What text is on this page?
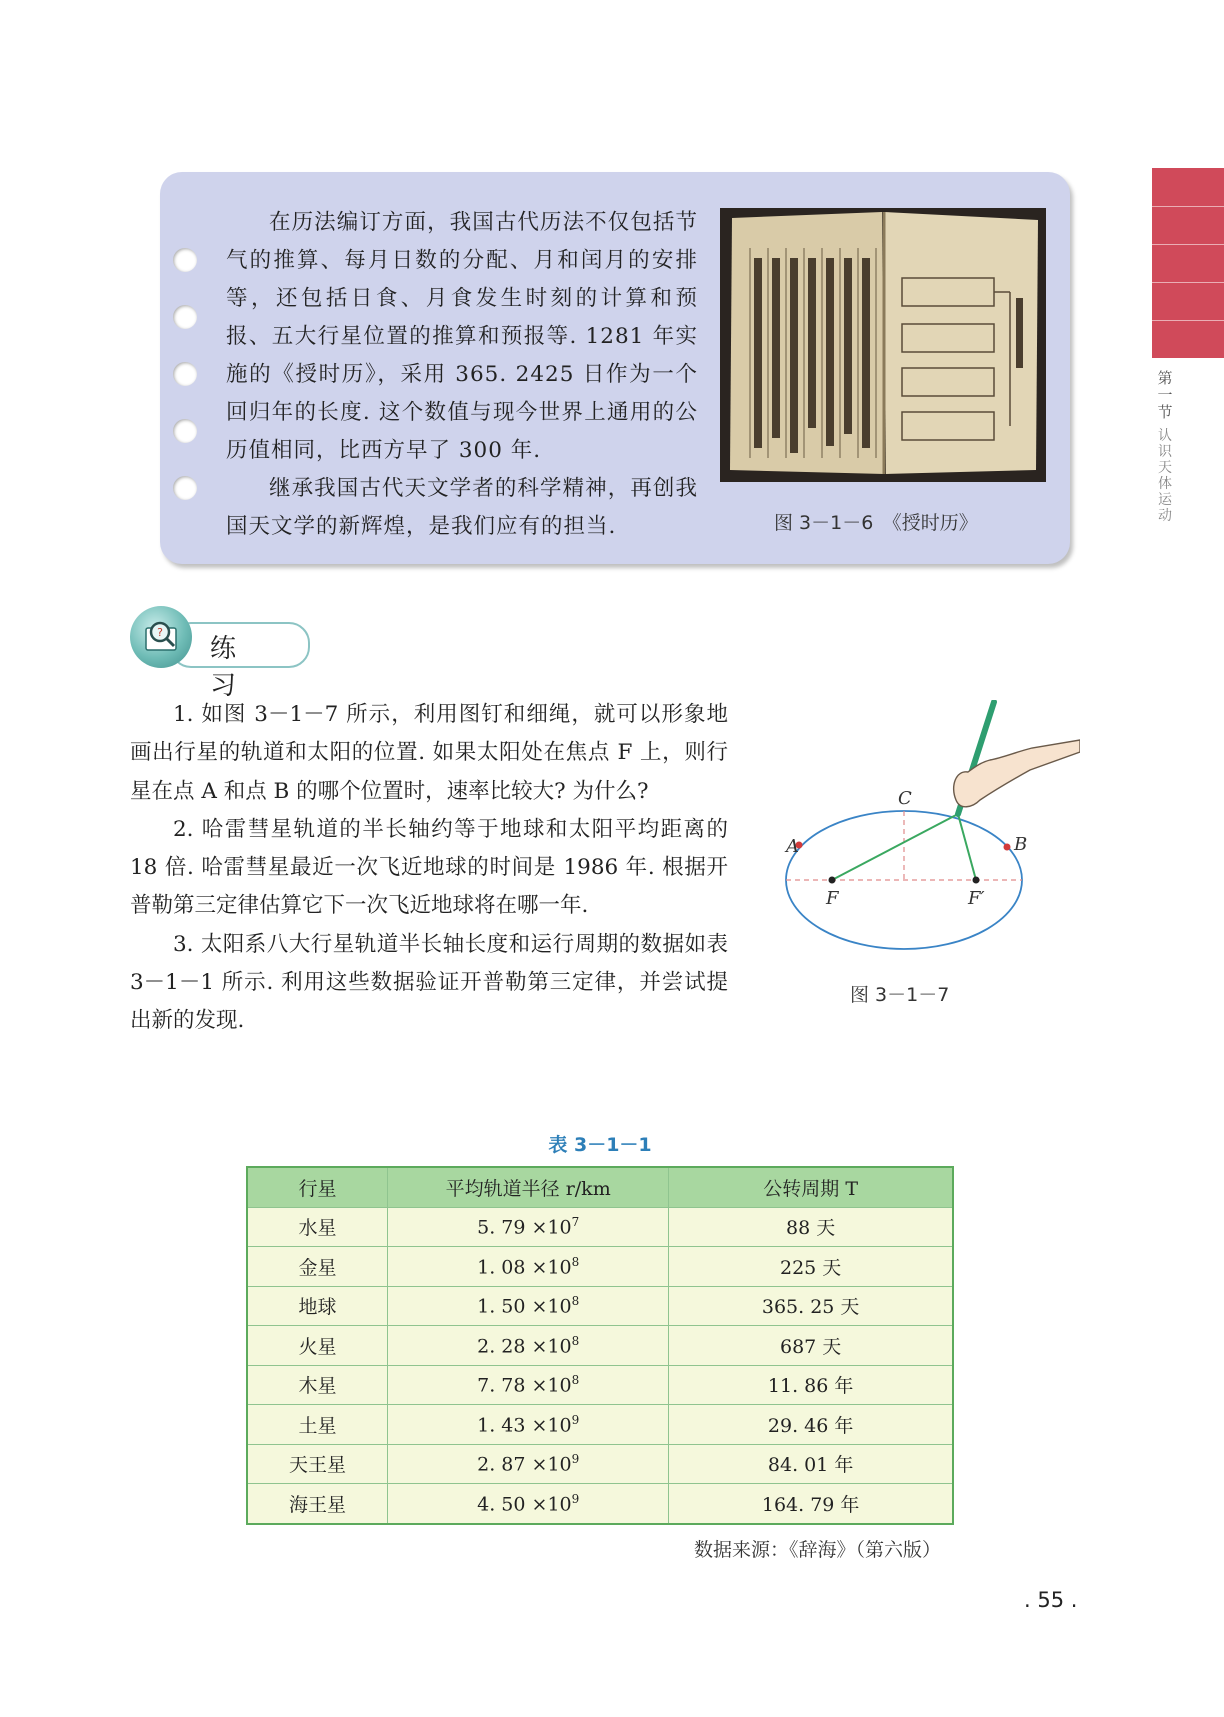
第一节
认识天体运动

在历法编订方面，我国古代历法不仅包括节气的推算、每月日数的分配、月和闰月的安排等，还包括日食、月食发生时刻的计算和预报、五大行星位置的推算和预报等. 1281 年实施的《授时历》，采用 365. 2425 日作为一个回归年的长度. 这个数值与现今世界上通用的公历值相同，比西方早了 300 年.

继承我国古代天文学者的科学精神，再创我国天文学的新辉煌，是我们应有的担当.	图 3－1－6　《授时历》
?
练 习

1. 如图 3－1－7 所示，利用图钉和细绳，就可以形象地画出行星的轨道和太阳的位置. 如果太阳处在焦点 F 上，则行星在点 A 和点 B 的哪个位置时，速率比较大? 为什么?

2. 哈雷彗星轨道的半长轴约等于地球和太阳平均距离的 18 倍. 哈雷彗星最近一次飞近地球的时间是 1986 年. 根据开普勒第三定律估算它下一次飞近地球将在哪一年.

3. 太阳系八大行星轨道半长轴长度和运行周期的数据如表 3－1－1 所示. 利用这些数据验证开普勒第三定律，并尝试提出新的发现.

A	B
C
F	F′
图 3－1－7
表 3－1－1
行星	平均轨道半径 r/km	公转周期 T
水星	5. $79 \times 10^7$	88 天
金星	1. $08 \times 10^8$	225 天
地球	1. $50 \times 10^8$	365. 25 天
火星	2. $28 \times 10^8$	687 天
木星	7. $78 \times 10^8$	11. 86 年
土星	1. $43 \times 10^9$	29. 46 年
天王星	2. $87 \times 10^9$	84. 01 年
海王星	4. $50 \times 10^9$	164. 79 年
数据来源：《辞海》（第六版）
. 55 .
